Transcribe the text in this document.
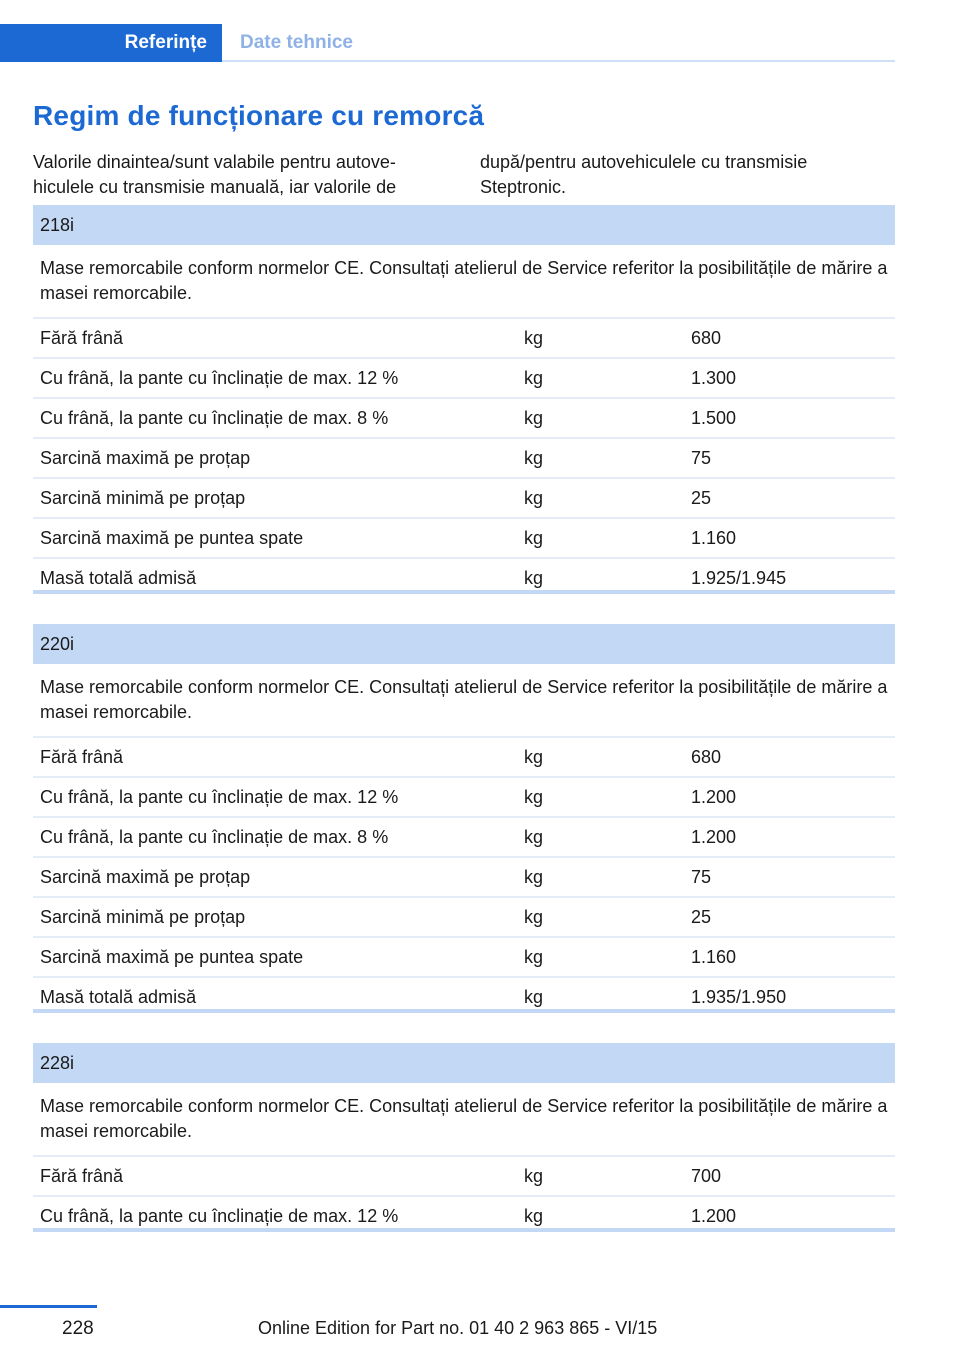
Referințe	Date tehnice
Regim de funcționare cu remorcă
Valorile dinaintea/sunt valabile pentru autovehiculele cu transmisie manuală, iar valorile de
după/pentru autovehiculele cu transmisie Steptronic.
218i		
Mase remorcabile conform normelor CE. Consultați atelierul de Service referitor la posibilitățile de mărire a masei remorcabile.		
Fără frână	kg	680
Cu frână, la pante cu înclinație de max. 12 %	kg	1.300
Cu frână, la pante cu înclinație de max. 8 %	kg	1.500
Sarcină maximă pe proțap	kg	75
Sarcină minimă pe proțap	kg	25
Sarcină maximă pe puntea spate	kg	1.160
Masă totală admisă	kg	1.925/1.945
220i		
Mase remorcabile conform normelor CE. Consultați atelierul de Service referitor la posibilitățile de mărire a masei remorcabile.		
Fără frână	kg	680
Cu frână, la pante cu înclinație de max. 12 %	kg	1.200
Cu frână, la pante cu înclinație de max. 8 %	kg	1.200
Sarcină maximă pe proțap	kg	75
Sarcină minimă pe proțap	kg	25
Sarcină maximă pe puntea spate	kg	1.160
Masă totală admisă	kg	1.935/1.950
228i		
Mase remorcabile conform normelor CE. Consultați atelierul de Service referitor la posibilitățile de mărire a masei remorcabile.		
Fără frână	kg	700
Cu frână, la pante cu înclinație de max. 12 %	kg	1.200
228	Online Edition for Part no. 01 40 2 963 865 - VI/15
